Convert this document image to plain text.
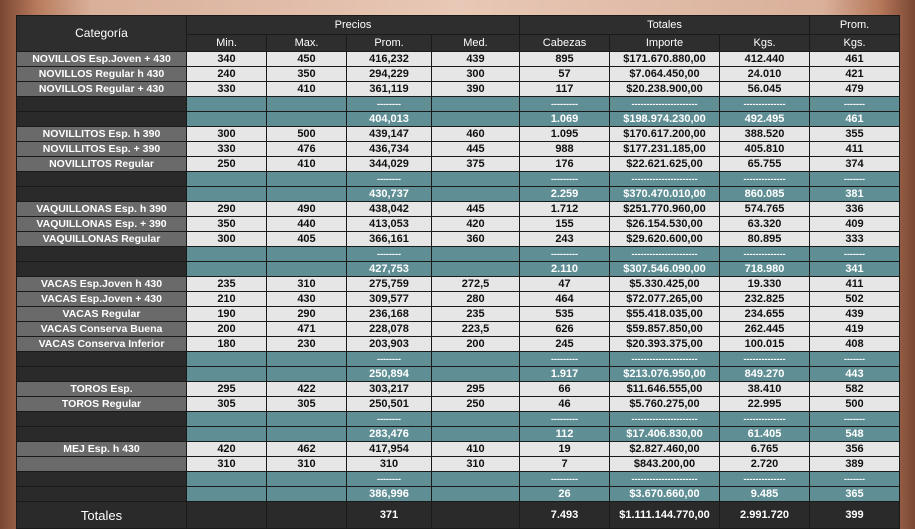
Categoría	Precios				Totales			Prom.
	Min.	Max.	Prom.	Med.	Cabezas	Importe	Kgs.	Kgs.
NOVILLOS Esp.Joven + 430	340	450	416,232	439	895	$171.670.880,00	412.440	461
NOVILLOS Regular h 430	240	350	294,229	300	57	$7.064.450,00	24.010	421
NOVILLOS Regular + 430	330	410	361,119	390	117	$20.238.900,00	56.045	479
			--------		---------	----------------------	--------------	-------
			404,013		1.069	$198.974.230,00	492.495	461
NOVILLITOS Esp. h 390	300	500	439,147	460	1.095	$170.617.200,00	388.520	355
NOVILLITOS Esp. + 390	330	476	436,734	445	988	$177.231.185,00	405.810	411
NOVILLITOS Regular	250	410	344,029	375	176	$22.621.625,00	65.755	374
			--------		---------	----------------------	--------------	-------
			430,737		2.259	$370.470.010,00	860.085	381
VAQUILLONAS Esp. h 390	290	490	438,042	445	1.712	$251.770.960,00	574.765	336
VAQUILLONAS Esp. + 390	350	440	413,053	420	155	$26.154.530,00	63.320	409
VAQUILLONAS Regular	300	405	366,161	360	243	$29.620.600,00	80.895	333
			--------		---------	----------------------	--------------	-------
			427,753		2.110	$307.546.090,00	718.980	341
VACAS Esp.Joven h 430	235	310	275,759	272,5	47	$5.330.425,00	19.330	411
VACAS Esp.Joven + 430	210	430	309,577	280	464	$72.077.265,00	232.825	502
VACAS Regular	190	290	236,168	235	535	$55.418.035,00	234.655	439
VACAS Conserva Buena	200	471	228,078	223,5	626	$59.857.850,00	262.445	419
VACAS Conserva Inferior	180	230	203,903	200	245	$20.393.375,00	100.015	408
			--------		---------	----------------------	--------------	-------
			250,894		1.917	$213.076.950,00	849.270	443
TOROS Esp.	295	422	303,217	295	66	$11.646.555,00	38.410	582
TOROS Regular	305	305	250,501	250	46	$5.760.275,00	22.995	500
			--------		---------	----------------------	--------------	-------
			283,476		112	$17.406.830,00	61.405	548
MEJ Esp. h 430	420	462	417,954	410	19	$2.827.460,00	6.765	356
	310	310	310	310	7	$843.200,00	2.720	389
			--------		---------	----------------------	--------------	-------
			386,996		26	$3.670.660,00	9.485	365
Totales			371		7.493	$1.111.144.770,00	2.991.720	399
